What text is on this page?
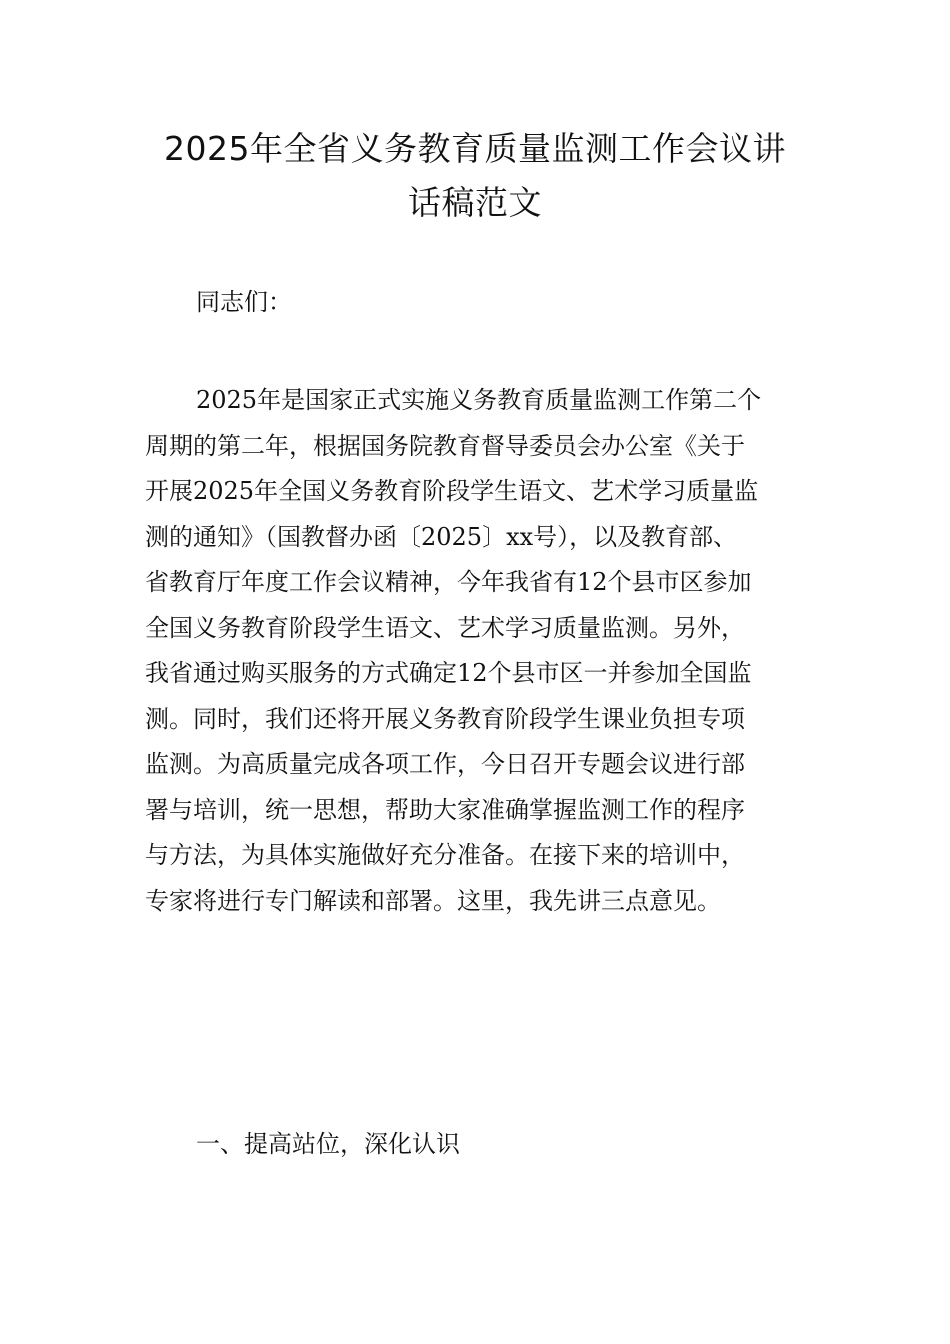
2025年全省义务教育质量监测工作会议讲
话稿范文

同志们：

2025年是国家正式实施义务教育质量监测工作第二个
周期的第二年，根据国务院教育督导委员会办公室《关于
开展2025年全国义务教育阶段学生语文、艺术学习质量监
测的通知》（国教督办函〔2025〕xx号），以及教育部、
省教育厅年度工作会议精神，今年我省有12个县市区参加
全国义务教育阶段学生语文、艺术学习质量监测。另外，
我省通过购买服务的方式确定12个县市区一并参加全国监
测。同时，我们还将开展义务教育阶段学生课业负担专项
监测。为高质量完成各项工作，今日召开专题会议进行部
署与培训，统一思想，帮助大家准确掌握监测工作的程序
与方法，为具体实施做好充分准备。在接下来的培训中，
专家将进行专门解读和部署。这里，我先讲三点意见。

一、提高站位，深化认识
